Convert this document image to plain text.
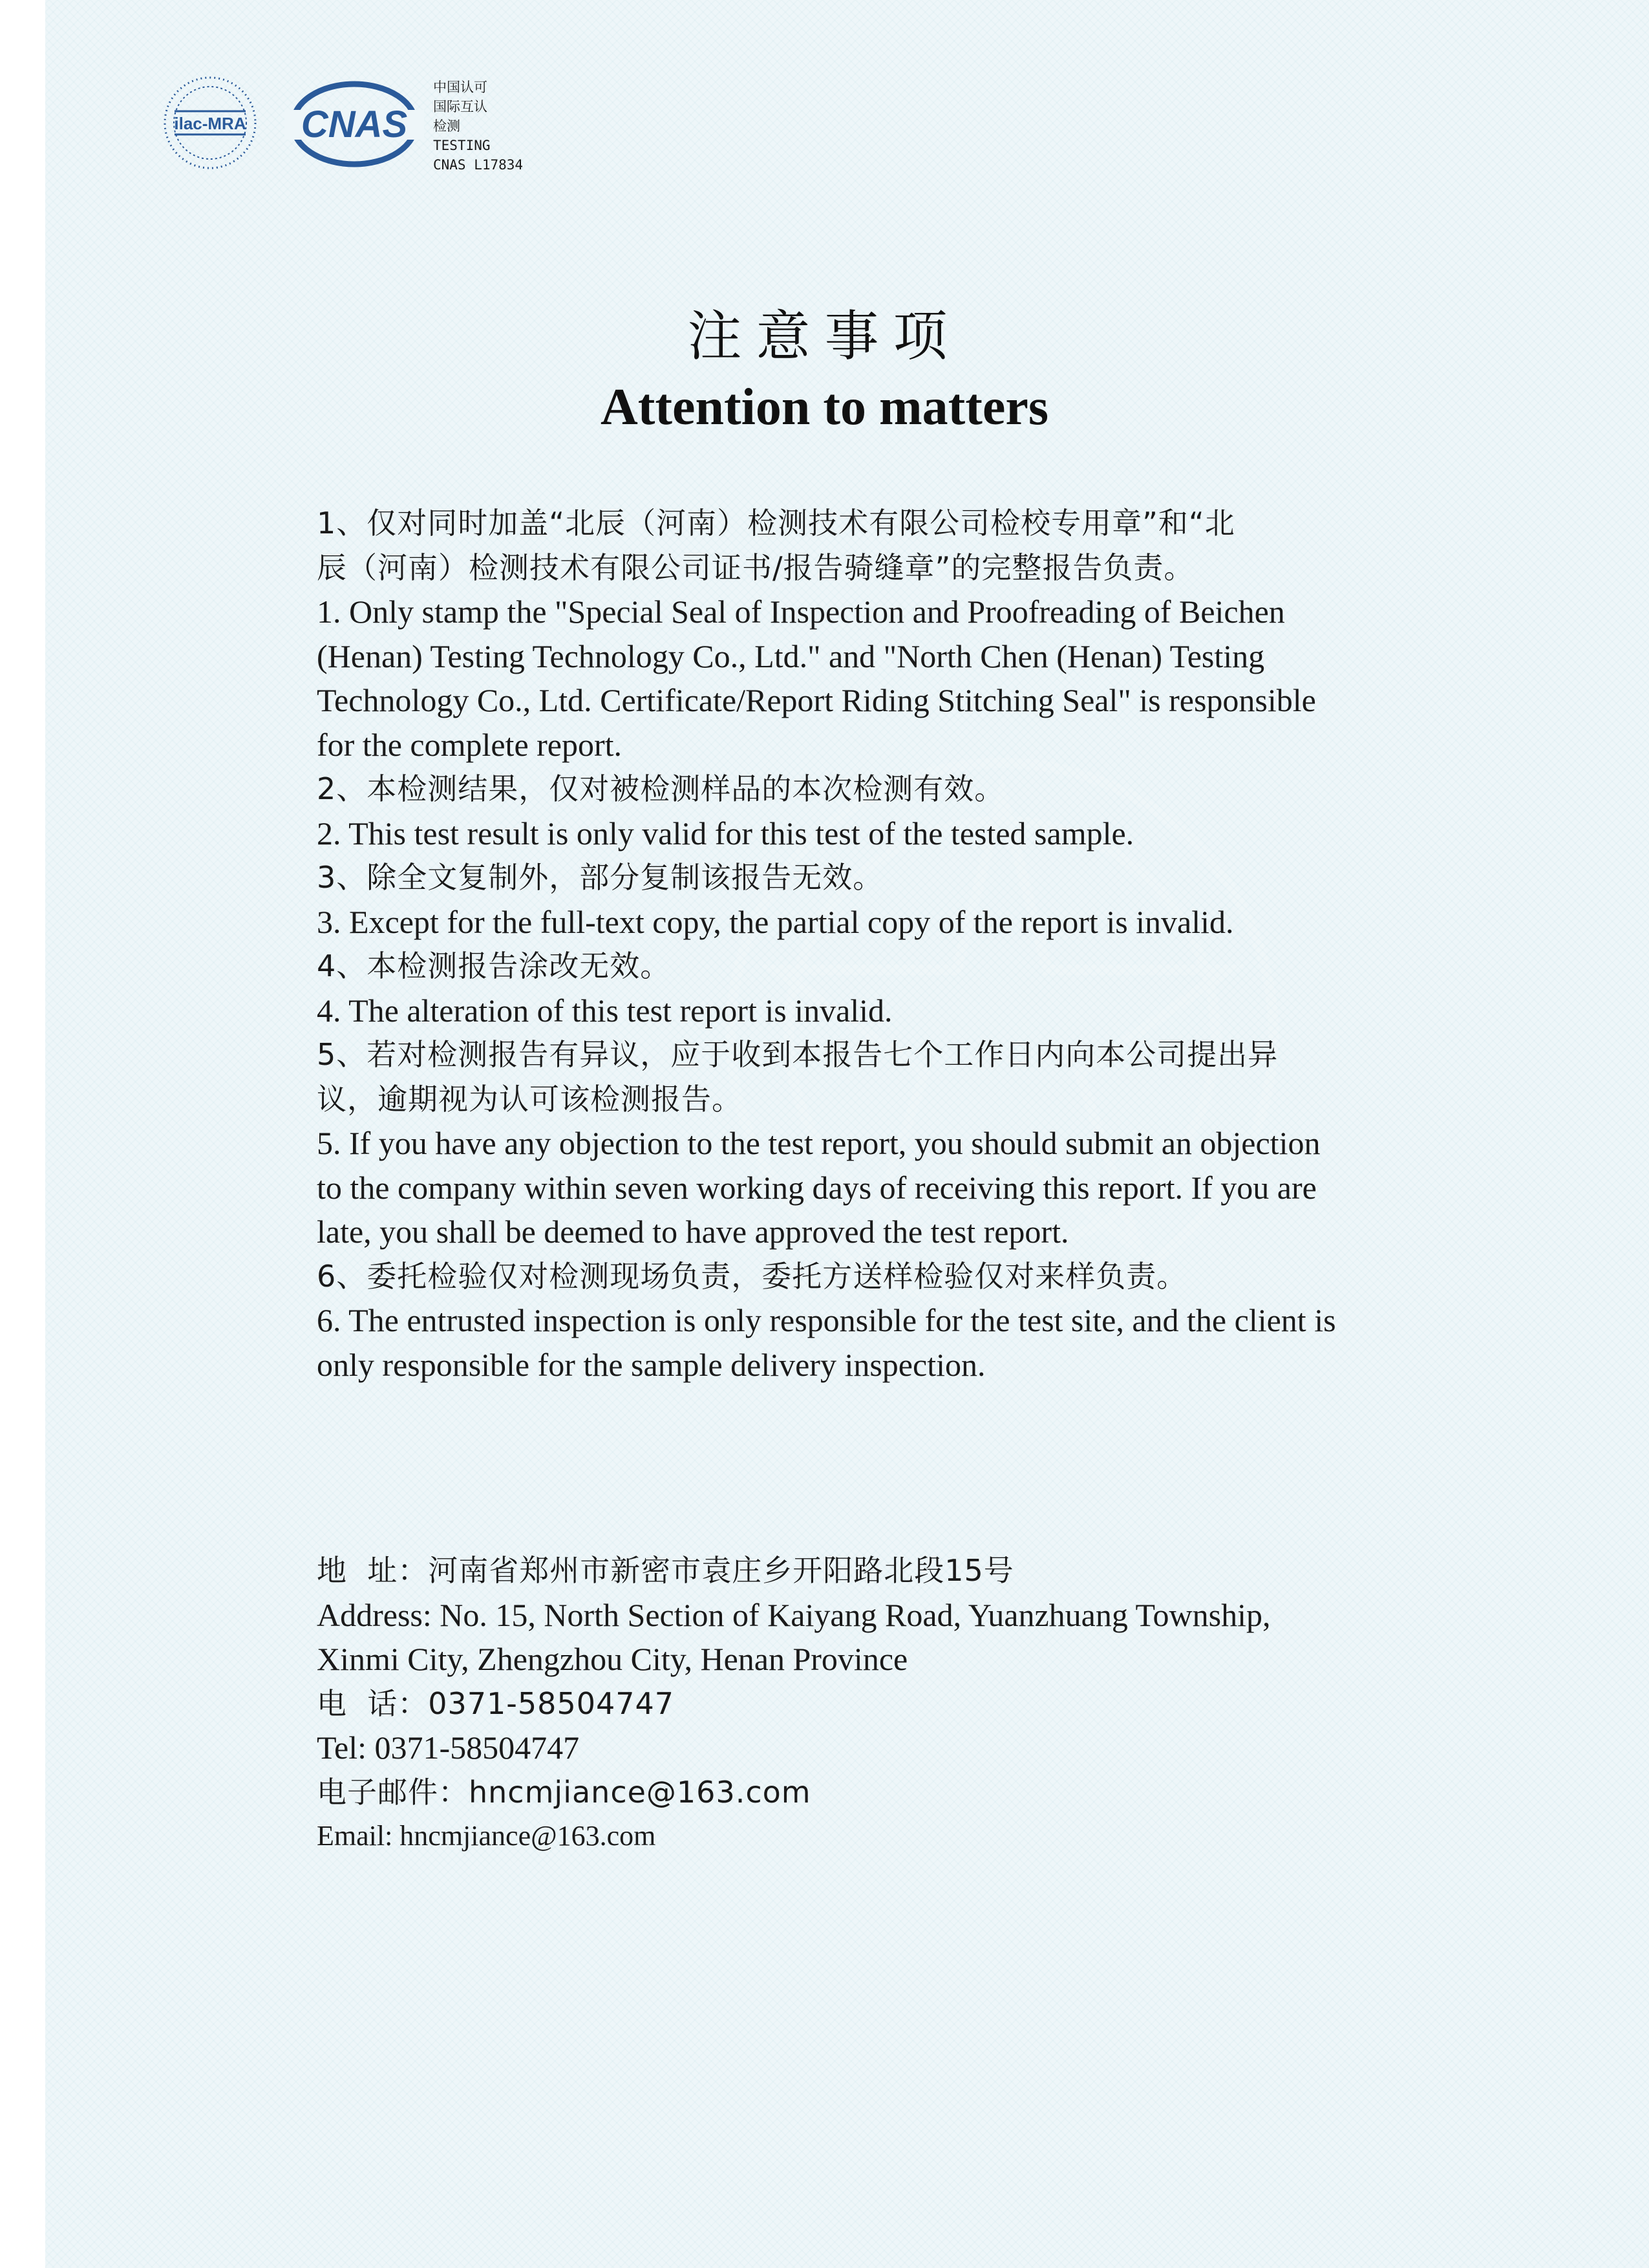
ilac-MRA CNAS
中国认可
国际互认
检测
TESTING
CNAS L17834
注意事项
Attention to matters
1、仅对同时加盖“北辰（河南）检测技术有限公司检校专用章”和“北
辰（河南）检测技术有限公司证书/报告骑缝章”的完整报告负责。
1. Only stamp the "Special Seal of Inspection and Proofreading of Beichen
(Henan) Testing Technology Co., Ltd." and "North Chen (Henan) Testing
Technology Co., Ltd. Certificate/Report Riding Stitching Seal" is responsible
for the complete report.
2、本检测结果，仅对被检测样品的本次检测有效。
2. This test result is only valid for this test of the tested sample.
3、除全文复制外，部分复制该报告无效。
3. Except for the full-text copy, the partial copy of the report is invalid.
4、本检测报告涂改无效。
4. The alteration of this test report is invalid.
5、若对检测报告有异议，应于收到本报告七个工作日内向本公司提出异
议，逾期视为认可该检测报告。
5. If you have any objection to the test report, you should submit an objection
to the company within seven working days of receiving this report. If you are
late, you shall be deemed to have approved the test report.
6、委托检验仅对检测现场负责，委托方送样检验仅对来样负责。
6. The entrusted inspection is only responsible for the test site, and the client is
only responsible for the sample delivery inspection.
地  址：河南省郑州市新密市袁庄乡开阳路北段15号
Address: No. 15, North Section of Kaiyang Road, Yuanzhuang Township,
Xinmi City, Zhengzhou City, Henan Province
电  话：0371-58504747
Tel: 0371-58504747
电子邮件：hncmjiance@163.com
Email: hncmjiance@163.com
